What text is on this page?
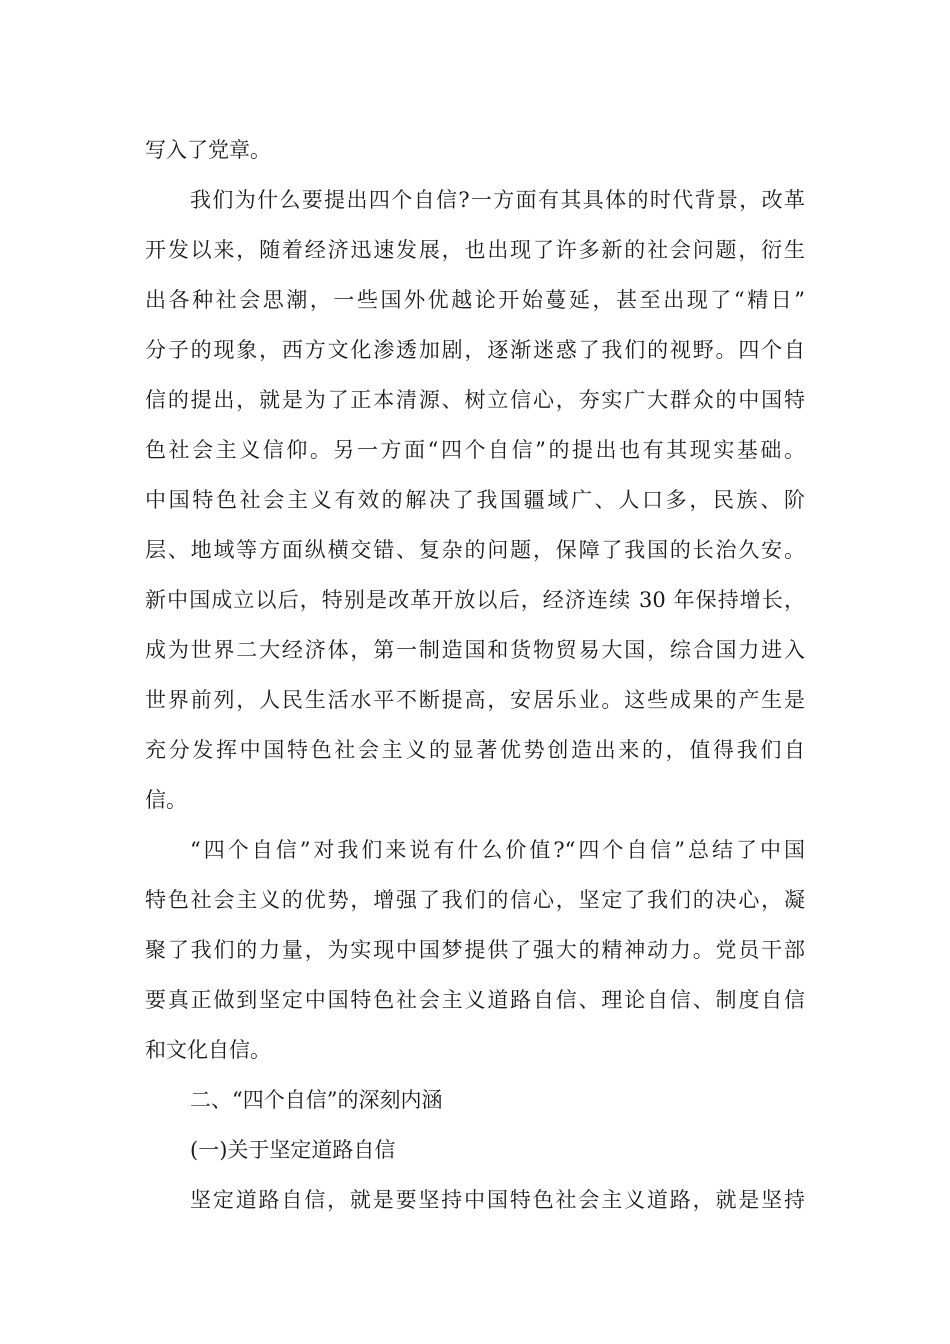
写入了党章。
我们为什么要提出四个自信?一方面有其具体的时代背景，改革
开发以来，随着经济迅速发展，也出现了许多新的社会问题，衍生
出各种社会思潮，一些国外优越论开始蔓延，甚至出现了“精日”
分子的现象，西方文化渗透加剧，逐渐迷惑了我们的视野。四个自
信的提出，就是为了正本清源、树立信心，夯实广大群众的中国特
色社会主义信仰。另一方面“四个自信”的提出也有其现实基础。
中国特色社会主义有效的解决了我国疆域广、人口多，民族、阶
层、地域等方面纵横交错、复杂的问题，保障了我国的长治久安。
新中国成立以后，特别是改革开放以后，经济连续 30 年保持增长，
成为世界二大经济体，第一制造国和货物贸易大国，综合国力进入
世界前列，人民生活水平不断提高，安居乐业。这些成果的产生是
充分发挥中国特色社会主义的显著优势创造出来的，值得我们自
信。
“四个自信”对我们来说有什么价值?“四个自信”总结了中国
特色社会主义的优势，增强了我们的信心，坚定了我们的决心，凝
聚了我们的力量，为实现中国梦提供了强大的精神动力。党员干部
要真正做到坚定中国特色社会主义道路自信、理论自信、制度自信
和文化自信。
二、“四个自信”的深刻内涵
(一)关于坚定道路自信
坚定道路自信，就是要坚持中国特色社会主义道路，就是坚持
